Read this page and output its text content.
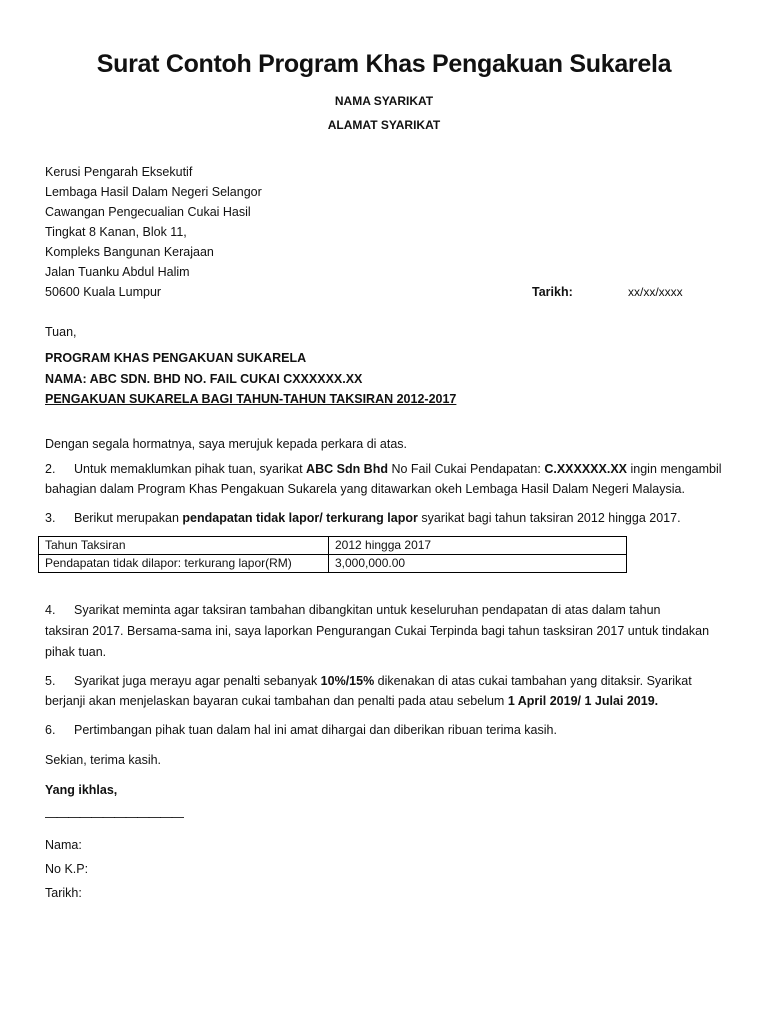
Surat Contoh Program Khas Pengakuan Sukarela
NAMA SYARIKAT
ALAMAT SYARIKAT
Kerusi Pengarah Eksekutif
Lembaga Hasil Dalam Negeri Selangor
Cawangan Pengecualian Cukai Hasil
Tingkat 8 Kanan, Blok 11,
Kompleks Bangunan Kerajaan
Jalan Tuanku Abdul Halim
50600 Kuala Lumpur	Tarikh:	xx/xx/xxxx
Tuan,
PROGRAM KHAS PENGAKUAN SUKARELA
NAMA: ABC SDN. BHD NO. FAIL CUKAI CXXXXXX.XX
PENGAKUAN SUKARELA BAGI TAHUN-TAHUN TAKSIRAN 2012-2017
Dengan segala hormatnya, saya merujuk kepada perkara di atas.
2. Untuk memaklumkan pihak tuan, syarikat ABC Sdn Bhd No Fail Cukai Pendapatan: C.XXXXXX.XX ingin mengambil
bahagian dalam Program Khas Pengakuan Sukarela yang ditawarkan okeh Lembaga Hasil Dalam Negeri Malaysia.
3. Berikut merupakan pendapatan tidak lapor/ terkurang lapor syarikat bagi tahun taksiran 2012 hingga 2017.
Tahun Taksiran	2012 hingga 2017
Pendapatan tidak dilapor: terkurang lapor(RM)	3,000,000.00
4. Syarikat meminta agar taksiran tambahan dibangkitan untuk keseluruhan pendapatan di atas dalam tahun
taksiran 2017. Bersama-sama ini, saya laporkan Pengurangan Cukai Terpinda bagi tahun tasksiran 2017 untuk tindakan
pihak tuan.
5. Syarikat juga merayu agar penalti sebanyak 10%/15% dikenakan di atas cukai tambahan yang ditaksir. Syarikat
berjanji akan menjelaskan bayaran cukai tambahan dan penalti pada atau sebelum 1 April 2019/ 1 Julai 2019.
6. Pertimbangan pihak tuan dalam hal ini amat dihargai dan diberikan ribuan terima kasih.
Sekian, terima kasih.
Yang ikhlas,
————————————
Nama:
No K.P:
Tarikh:
